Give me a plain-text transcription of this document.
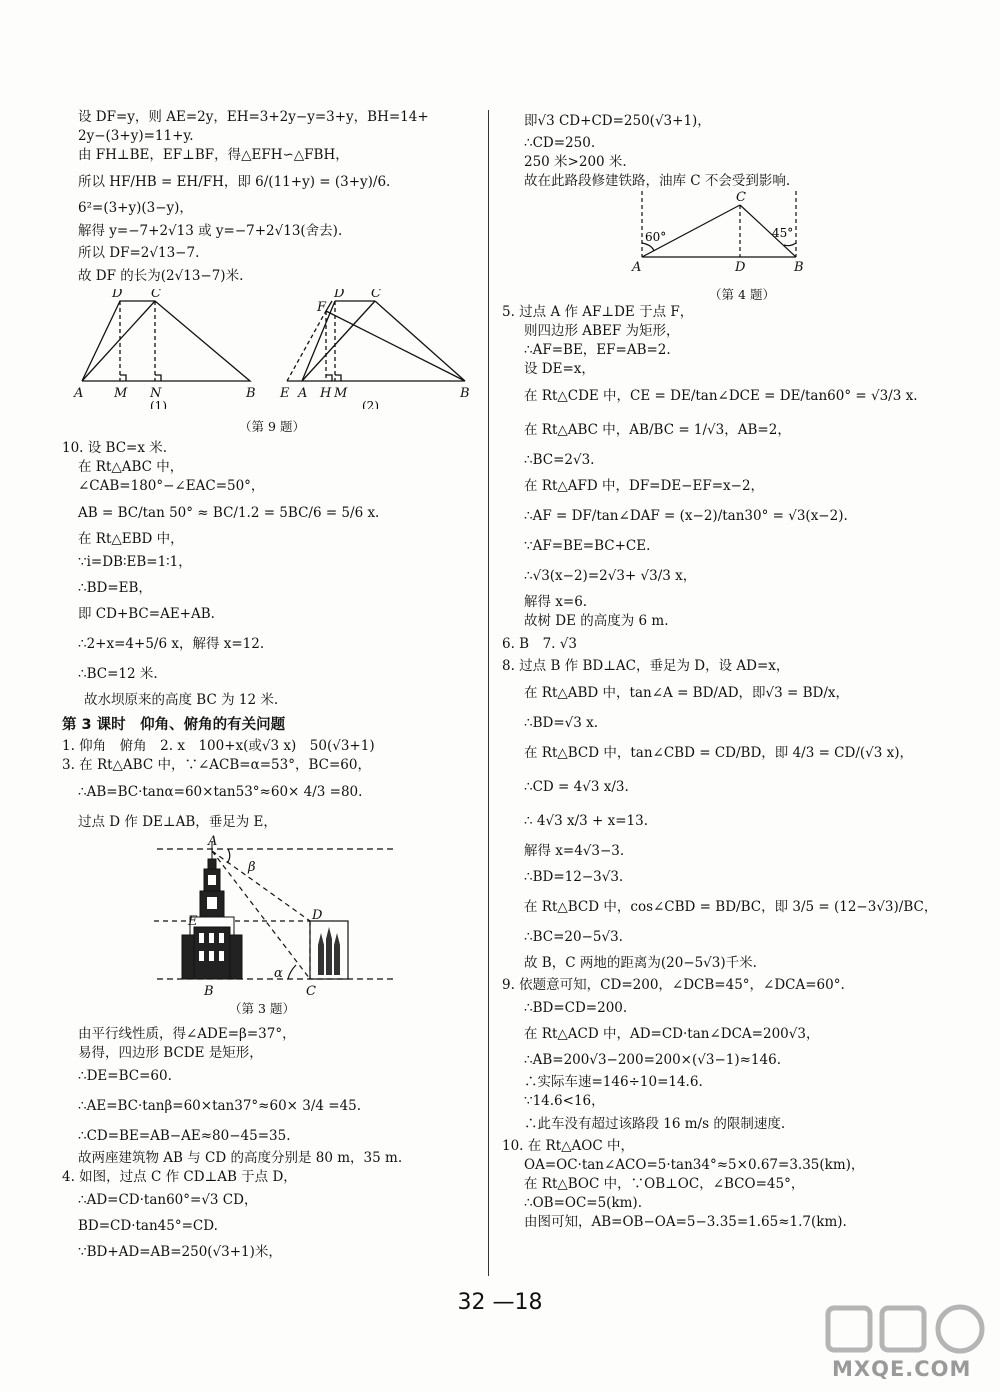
设 DF=y，则 AE=2y，EH=3+2y−y=3+y，BH=14+

2y−(3+y)=11+y.

由 FH⊥BE，EF⊥BF，得△EFH∽△FBH，

所以 HF/HB = EH/FH，即 6/(11+y) = (3+y)/6.

6²=(3+y)(3−y)，

解得 y=−7+2√13 或 y=−7+2√13(舍去).

所以 DF=2√13−7.

故 DF 的长为(2√13−7)米.

D C
A M N	B
F
D C
E A H M	B
(1)	(2)
（第 9 题）

10. 设 BC=x 米.

在 Rt△ABC 中，

∠CAB=180°−∠EAC=50°，

AB = BC/tan 50° ≈ BC/1.2 = 5BC/6 = 5/6 x.

在 Rt△EBD 中，

∵i=DB∶EB=1∶1，

∴BD=EB，

即 CD+BC=AE+AB.

∴2+x=4+5/6 x，解得 x=12.

∴BC=12 米.

故水坝原来的高度 BC 为 12 米.

第 3 课时　仰角、俯角的有关问题

1. 仰角　俯角　2. x　100+x(或√3 x)　50(√3+1)

3. 在 Rt△ABC 中，∵∠ACB=α=53°，BC=60，

∴AB=BC·tanα=60×tan53°≈60× 4/3 =80.

过点 D 作 DE⊥AB，垂足为 E，

A
β
E	D
α
B	C
（第 3 题）

由平行线性质，得∠ADE=β=37°，

易得，四边形 BCDE 是矩形，

∴DE=BC=60.

∴AE=BC·tanβ=60×tan37°≈60× 3/4 =45.

∴CD=BE=AB−AE≈80−45=35.

故两座建筑物 AB 与 CD 的高度分别是 80 m，35 m.

4. 如图，过点 C 作 CD⊥AB 于点 D，

∴AD=CD·tan60°=√3 CD，

BD=CD·tan45°=CD.

∵BD+AD=AB=250(√3+1)米，

即√3 CD+CD=250(√3+1)，

∴CD=250.

250 米>200 米.

故在此路段修建铁路，油库 C 不会受到影响.

C
A	D	B
60°	45°
（第 4 题）

5. 过点 A 作 AF⊥DE 于点 F，

则四边形 ABEF 为矩形，

∴AF=BE，EF=AB=2.

设 DE=x，

在 Rt△CDE 中，CE = DE/tan∠DCE = DE/tan60° = √3/3 x.

在 Rt△ABC 中，AB/BC = 1/√3，AB=2，

∴BC=2√3.

在 Rt△AFD 中，DF=DE−EF=x−2，

∴AF = DF/tan∠DAF = (x−2)/tan30° = √3(x−2).

∵AF=BE=BC+CE.

∴√3(x−2)=2√3+ √3/3 x，

解得 x=6.

故树 DE 的高度为 6 m.

6. B　7. √3

8. 过点 B 作 BD⊥AC，垂足为 D，设 AD=x，

在 Rt△ABD 中，tan∠A = BD/AD，即√3 = BD/x，

∴BD=√3 x.

在 Rt△BCD 中，tan∠CBD = CD/BD，即 4/3 = CD/(√3 x)，

∴CD = 4√3 x/3.

∴ 4√3 x/3 + x=13.

解得 x=4√3−3.

∴BD=12−3√3.

在 Rt△BCD 中，cos∠CBD = BD/BC，即 3/5 = (12−3√3)/BC，

∴BC=20−5√3.

故 B，C 两地的距离为(20−5√3)千米.

9. 依题意可知，CD=200，∠DCB=45°，∠DCA=60°.

∴BD=CD=200.

在 Rt△ACD 中，AD=CD·tan∠DCA=200√3，

∴AB=200√3−200=200×(√3−1)≈146.

∴实际车速=146÷10=14.6.

∵14.6<16，

∴此车没有超过该路段 16 m/s 的限制速度.

10. 在 Rt△AOC 中，

OA=OC·tan∠ACO=5·tan34°≈5×0.67=3.35(km)，

在 Rt△BOC 中，∵OB⊥OC，∠BCO=45°，

∴OB=OC=5(km).

由图可知，AB=OB−OA=5−3.35=1.65≈1.7(km).

32 —18
MXQE.COM
